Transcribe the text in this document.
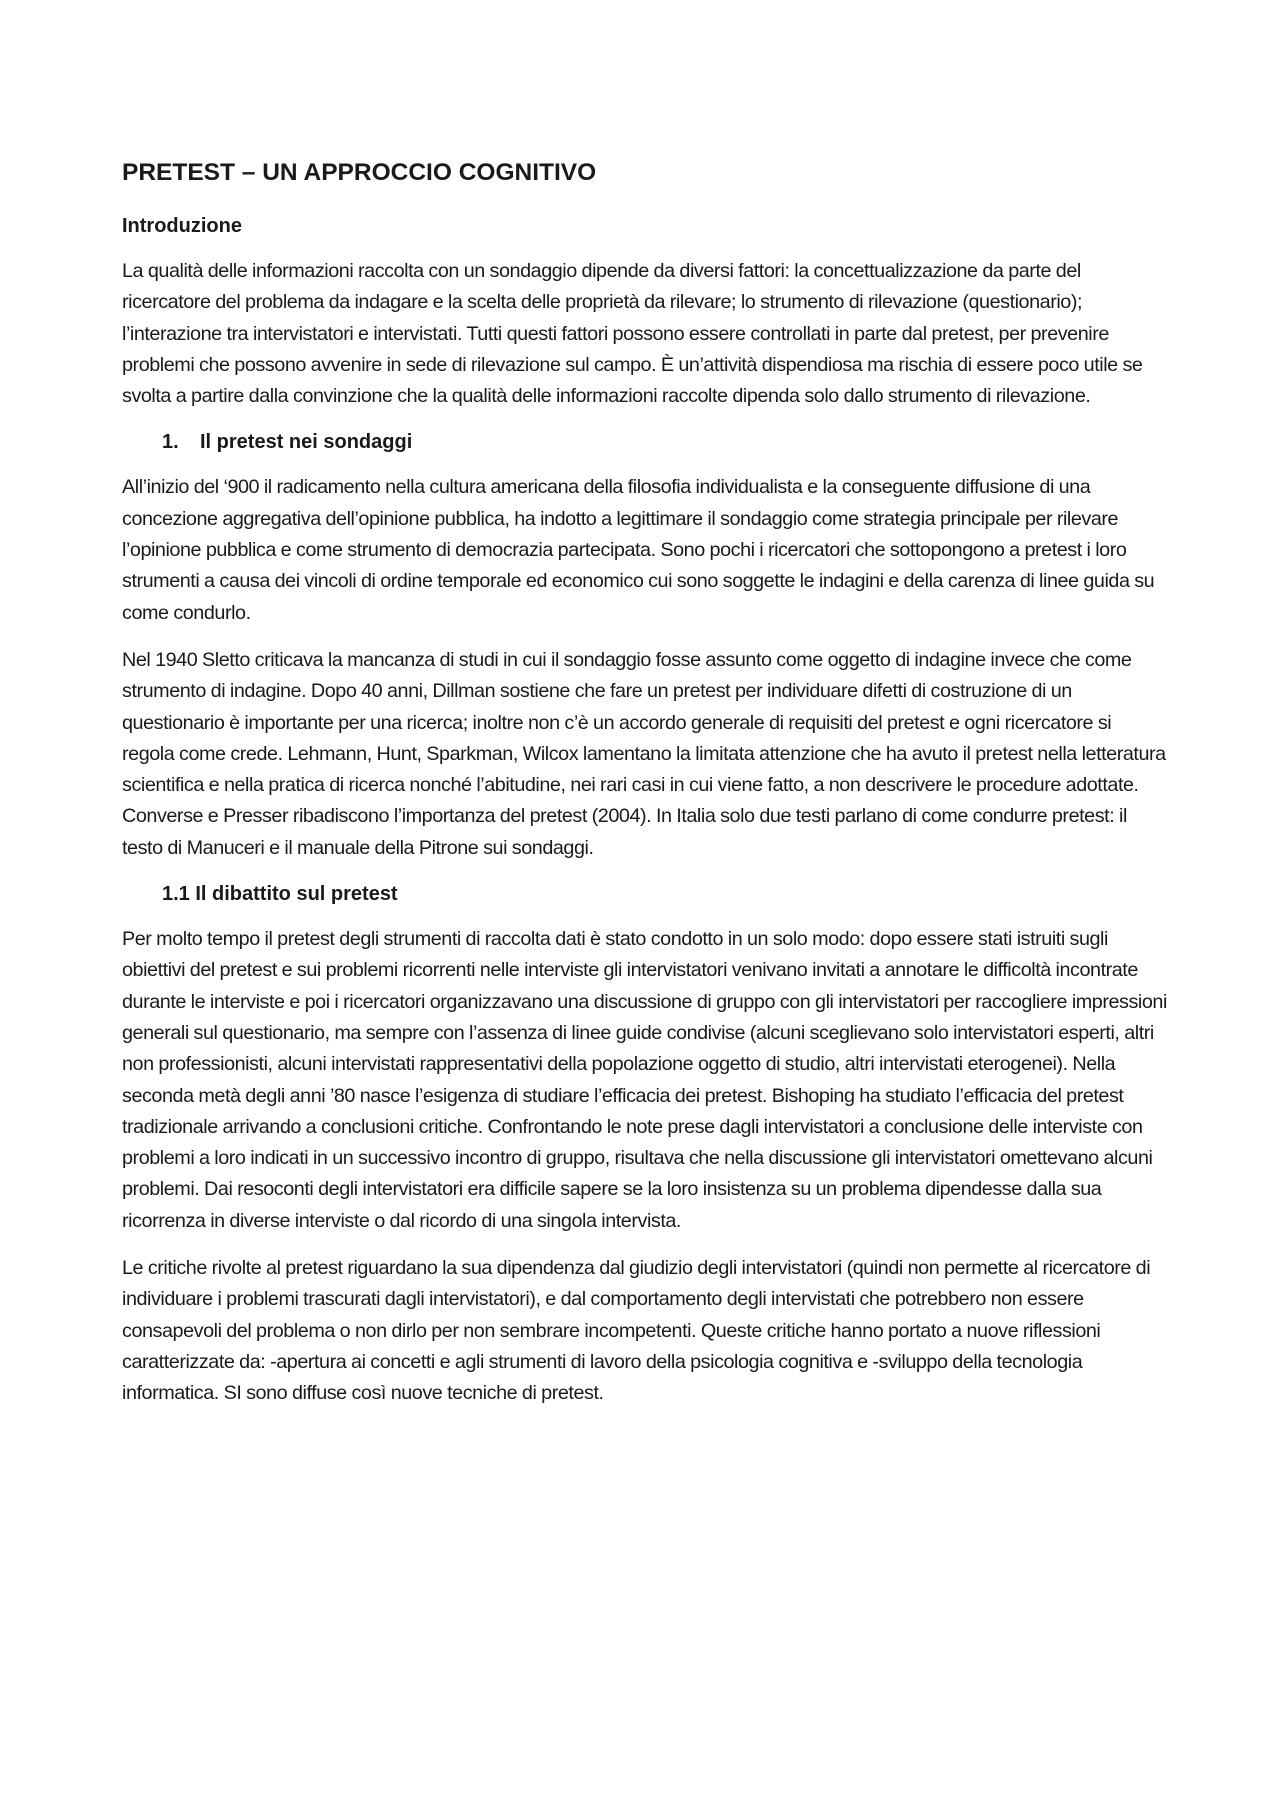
PRETEST – UN APPROCCIO COGNITIVO
Introduzione

La qualità delle informazioni raccolta con un sondaggio dipende da diversi fattori: la concettualizzazione da parte del ricercatore del problema da indagare e la scelta delle proprietà da rilevare; lo strumento di rilevazione (questionario); l’interazione tra intervistatori e intervistati. Tutti questi fattori possono essere controllati in parte dal pretest, per prevenire problemi che possono avvenire in sede di rilevazione sul campo. È un’attività dispendiosa ma rischia di essere poco utile se svolta a partire dalla convinzione che la qualità delle informazioni raccolte dipenda solo dallo strumento di rilevazione.

1.	Il pretest nei sondaggi

All’inizio del ‘900 il radicamento nella cultura americana della filosofia individualista e la conseguente diffusione di una concezione aggregativa dell’opinione pubblica, ha indotto a legittimare il sondaggio come strategia principale per rilevare l’opinione pubblica e come strumento di democrazia partecipata. Sono pochi i ricercatori che sottopongono a pretest i loro strumenti a causa dei vincoli di ordine temporale ed economico cui sono soggette le indagini e della carenza di linee guida su come condurlo.

Nel 1940 Sletto criticava la mancanza di studi in cui il sondaggio fosse assunto come oggetto di indagine invece che come strumento di indagine. Dopo 40 anni, Dillman sostiene che fare un pretest per individuare difetti di costruzione di un questionario è importante per una ricerca; inoltre non c’è un accordo generale di requisiti del pretest e ogni ricercatore si regola come crede. Lehmann, Hunt, Sparkman, Wilcox lamentano la limitata attenzione che ha avuto il pretest nella letteratura scientifica e nella pratica di ricerca nonché l’abitudine, nei rari casi in cui viene fatto, a non descrivere le procedure adottate. Converse e Presser ribadiscono l’importanza del pretest (2004). In Italia solo due testi parlano di come condurre pretest: il testo di Manuceri e il manuale della Pitrone sui sondaggi.

1.1 Il dibattito sul pretest

Per molto tempo il pretest degli strumenti di raccolta dati è stato condotto in un solo modo: dopo essere stati istruiti sugli obiettivi del pretest e sui problemi ricorrenti nelle interviste gli intervistatori venivano invitati a annotare le difficoltà incontrate durante le interviste e poi i ricercatori organizzavano una discussione di gruppo con gli intervistatori per raccogliere impressioni generali sul questionario, ma sempre con l’assenza di linee guide condivise (alcuni sceglievano solo intervistatori esperti, altri non professionisti, alcuni intervistati rappresentativi della popolazione oggetto di studio, altri intervistati eterogenei). Nella seconda metà degli anni ’80 nasce l’esigenza di studiare l’efficacia dei pretest. Bishoping ha studiato l’efficacia del pretest tradizionale arrivando a conclusioni critiche. Confrontando le note prese dagli intervistatori a conclusione delle interviste con problemi a loro indicati in un successivo incontro di gruppo, risultava che nella discussione gli intervistatori omettevano alcuni problemi. Dai resoconti degli intervistatori era difficile sapere se la loro insistenza su un problema dipendesse dalla sua ricorrenza in diverse interviste o dal ricordo di una singola intervista.

Le critiche rivolte al pretest riguardano la sua dipendenza dal giudizio degli intervistatori (quindi non permette al ricercatore di individuare i problemi trascurati dagli intervistatori), e dal comportamento degli intervistati che potrebbero non essere consapevoli del problema o non dirlo per non sembrare incompetenti. Queste critiche hanno portato a nuove riflessioni caratterizzate da: -apertura ai concetti e agli strumenti di lavoro della psicologia cognitiva e -sviluppo della tecnologia informatica. SI sono diffuse così nuove tecniche di pretest.
